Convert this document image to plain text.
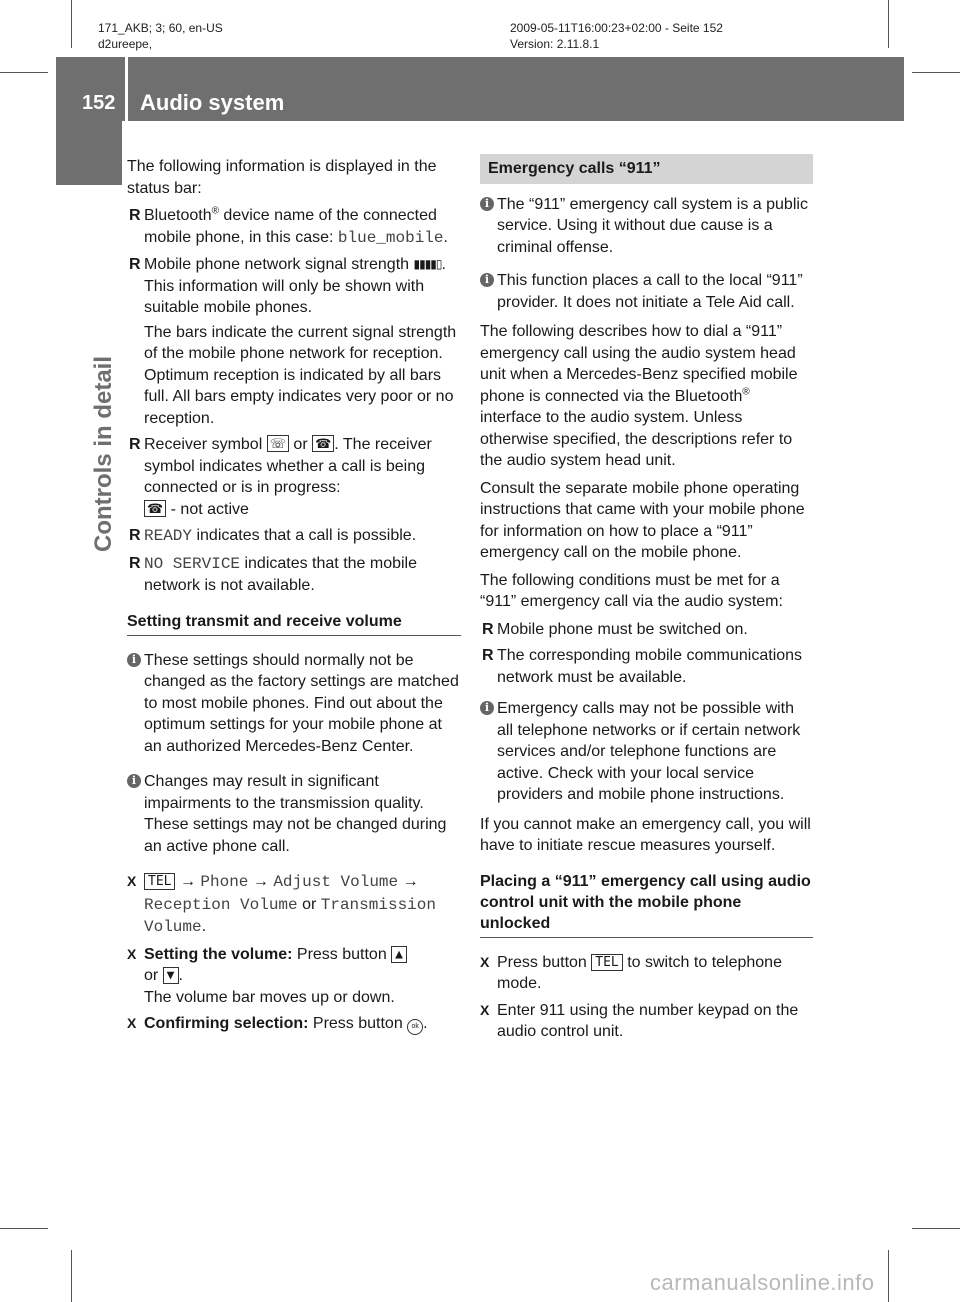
171_AKB; 3; 60, en-US
d2ureepe,
2009-05-11T16:00:23+02:00 - Seite 152
Version: 2.11.8.1
152 Audio system
Controls in detail

The following information is displayed in the status bar:

R Bluetooth® device name of the connected mobile phone, in this case: blue_mobile.
R Mobile phone network signal strength ▮▮▮▮▯. This information will only be shown with suitable mobile phones.
The bars indicate the current signal strength of the mobile phone network for reception. Optimum reception is indicated by all bars full. All bars empty indicates very poor or no reception.
R Receiver symbol ☏ or ☎ . The receiver symbol indicates whether a call is being connected or is in progress:
☎ - not active
R READY indicates that a call is possible.
R NO SERVICE indicates that the mobile network is not available.
Setting transmit and receive volume
i These settings should normally not be changed as the factory settings are matched to most mobile phones. Find out about the optimum settings for your mobile phone at an authorized Mercedes-Benz Center.
i Changes may result in significant impairments to the transmission quality. These settings may not be changed during an active phone call.
X TEL → Phone → Adjust Volume → Reception Volume or Transmission Volume.
X Setting the volume: Press button ▲
or ▼ .
The volume bar moves up or down.
X Confirming selection: Press button ok .
Emergency calls “911”
i The “911” emergency call system is a public service. Using it without due cause is a criminal offense.
i This function places a call to the local “911” provider. It does not initiate a Tele Aid call.

The following describes how to dial a “911” emergency call using the audio system head unit when a Mercedes-Benz specified mobile phone is connected via the Bluetooth® interface to the audio system. Unless otherwise specified, the descriptions refer to the audio system head unit.

Consult the separate mobile phone operating instructions that came with your mobile phone for information on how to place a “911” emergency call on the mobile phone.

The following conditions must be met for a “911” emergency call via the audio system:

R Mobile phone must be switched on.
R The corresponding mobile communications network must be available.
i Emergency calls may not be possible with all telephone networks or if certain network services and/or telephone functions are active. Check with your local service providers and mobile phone instructions.

If you cannot make an emergency call, you will have to initiate rescue measures yourself.

Placing a “911” emergency call using audio control unit with the mobile phone unlocked
X Press button TEL to switch to telephone mode.
X Enter 911 using the number keypad on the audio control unit.
carmanualsonline.info
